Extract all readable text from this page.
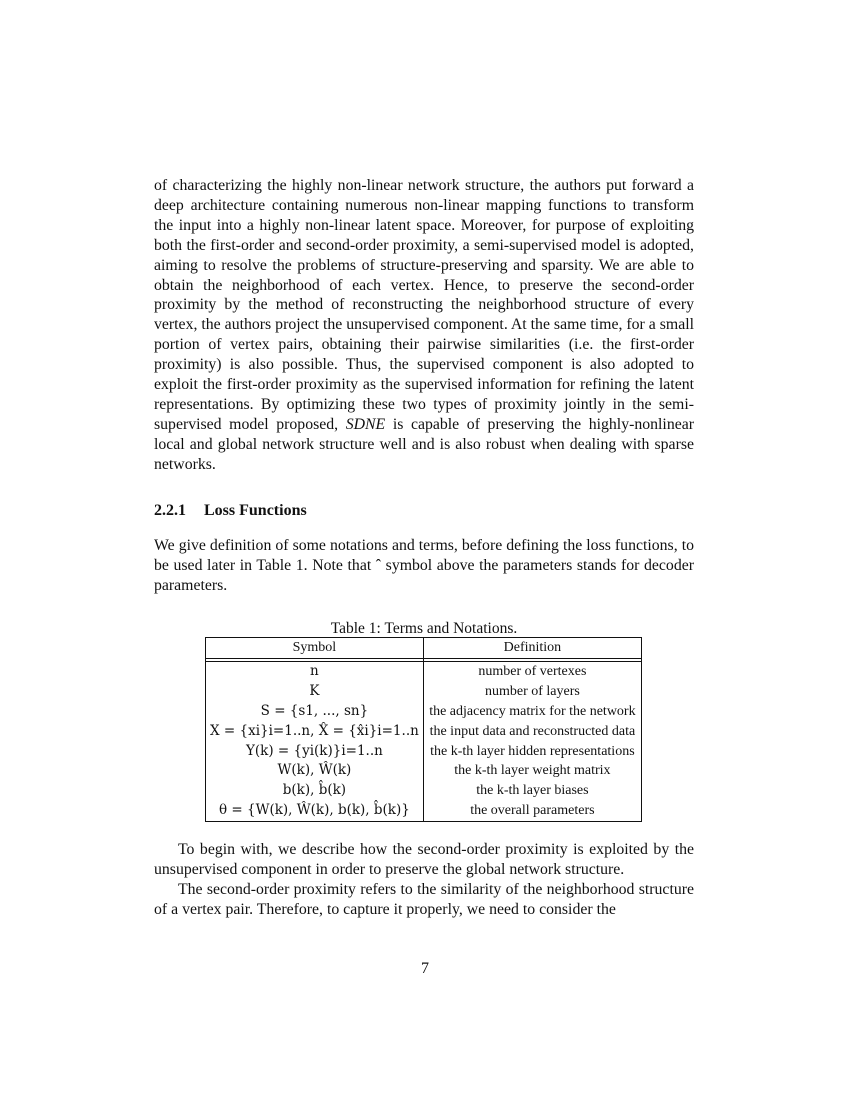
of characterizing the highly non-linear network structure, the authors put forward a deep architecture containing numerous non-linear mapping functions to transform the input into a highly non-linear latent space. Moreover, for purpose of exploiting both the first-order and second-order proximity, a semi-supervised model is adopted, aiming to resolve the problems of structure-preserving and sparsity. We are able to obtain the neighborhood of each vertex. Hence, to preserve the second-order proximity by the method of reconstructing the neighborhood structure of every vertex, the authors project the unsupervised component. At the same time, for a small portion of vertex pairs, obtaining their pairwise similarities (i.e. the first-order proximity) is also possible. Thus, the supervised component is also adopted to exploit the first-order proximity as the supervised information for refining the latent representations. By optimizing these two types of proximity jointly in the semi-supervised model proposed, SDNE is capable of preserving the highly-nonlinear local and global network structure well and is also robust when dealing with sparse networks.

2.2.1 Loss Functions

We give definition of some notations and terms, before defining the loss functions, to be used later in Table 1. Note that ˆ symbol above the parameters stands for decoder parameters.

Table 1: Terms and Notations.
Symbol	Definition

n	number of vertexes
K	number of layers
S = {s1, ..., sn}	the adjacency matrix for the network
X = {xi}i=1..n, X̂ = {x̂i}i=1..n	the input data and reconstructed data
Y(k) = {yi(k)}i=1..n	the k-th layer hidden representations
W(k), Ŵ(k)	the k-th layer weight matrix
b(k), b̂(k)	the k-th layer biases
θ = {W(k), Ŵ(k), b(k), b̂(k)}	the overall parameters

To begin with, we describe how the second-order proximity is exploited by the unsupervised component in order to preserve the global network structure.

The second-order proximity refers to the similarity of the neighborhood structure of a vertex pair. Therefore, to capture it properly, we need to consider the

7
